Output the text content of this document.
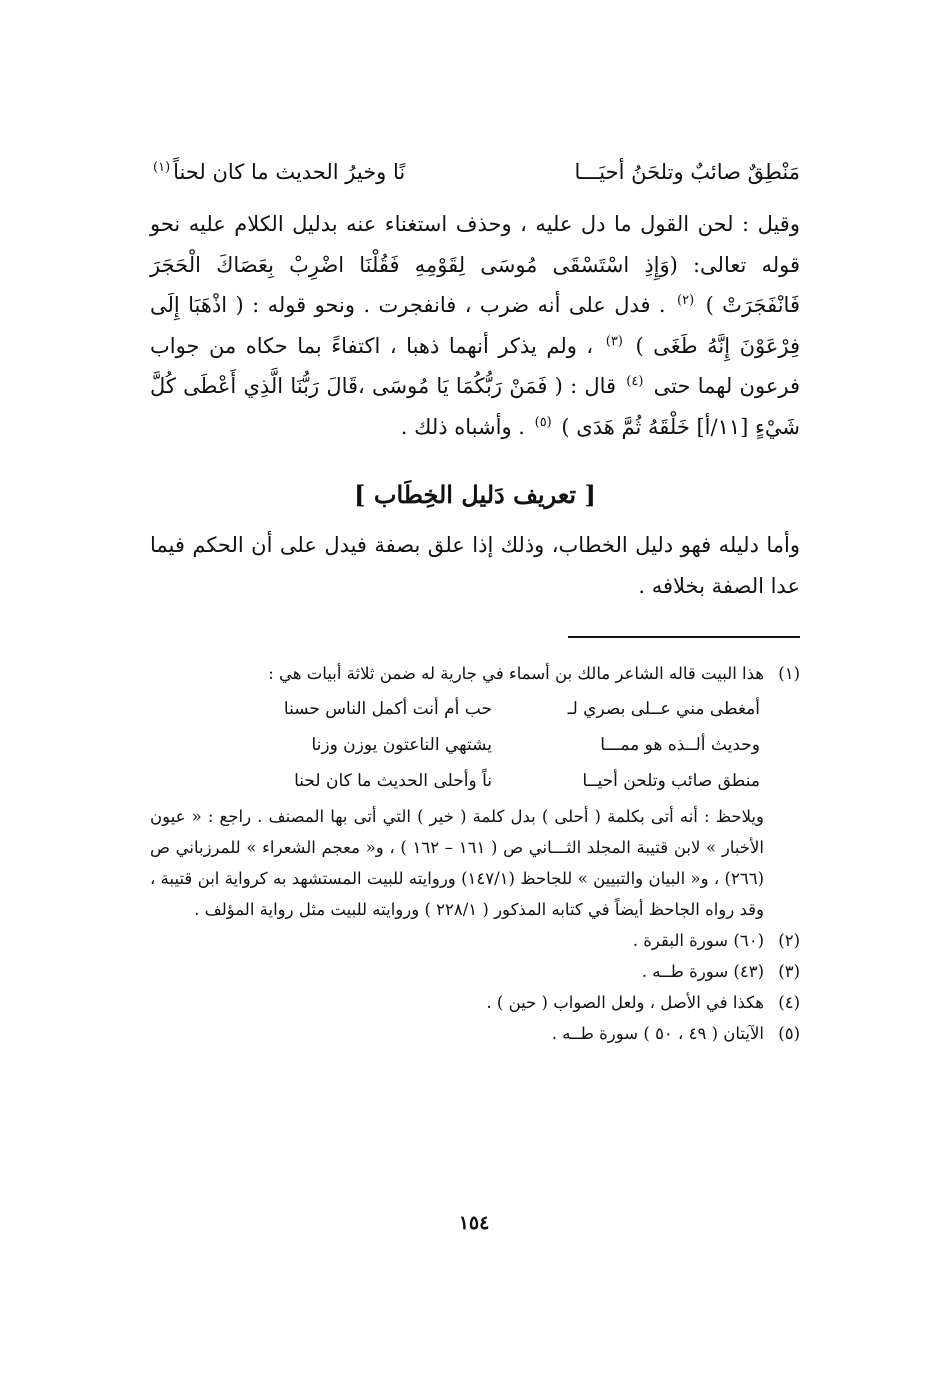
مَنْطِقٌ صائبٌ وتلحَنُ أحيَـــا
نًا وخيرُ الحديث ما كان لحناً$^{(١)}$

وقيل : لحن القول ما دل عليه ، وحذف استغناء عنه بدليل الكلام عليه نحو قوله تعالى: (وَإِذِ اسْتَسْقَى مُوسَى لِقَوْمِهِ فَقُلْنَا اضْرِبْ بِعَصَاكَ الْحَجَرَ فَانْفَجَرَتْ ) $^{(٢)}$ . فدل على أنه ضرب ، فانفجرت . ونحو قوله : ( اذْهَبَا إِلَى فِرْعَوْنَ إِنَّهُ طَغَى ) $^{(٣)}$ ، ولم يذكر أنهما ذهبا ، اكتفاءً بما حكاه من جواب فرعون لهما حتى $^{(٤)}$ قال : ( فَمَنْ رَبُّكُمَا يَا مُوسَى ،قَالَ رَبُّنَا الَّذِي أَعْطَى كُلَّ شَيْءٍ [١١/أ] خَلْقَهُ ثُمَّ هَدَى ) $^{(٥)}$ . وأشباه ذلك .

[ تعريف دَليل الخِطَاب ]

وأما دليله فهو دليل الخطاب، وذلك إذا علق بصفة فيدل على أن الحكم فيما عدا الصفة بخلافه .

(١)
هذا البيت قاله الشاعر مالك بن أسماء في جارية له ضمن ثلاثة أبيات هي :
أمغطى مني عــلى بصري لـ
حب أم أنت أكمل الناس حسنا
وحديث ألــذه هو ممـــا
يشتهي الناعتون يوزن وزنا
منطق صائب وتلحن أحيــا
ناً وأحلى الحديث ما كان لحنا
ويلاحظ : أنه أتى بكلمة ( أحلى ) بدل كلمة ( خير ) التي أتى بها المصنف . راجع : « عيون الأخبار » لابن قتيبة المجلد الثـــاني ص ( ١٦١ – ١٦٢ ) ، و« معجم الشعراء » للمرزباني ص (٢٦٦) ، و« البيان والتبيين » للجاحظ (١٤٧/١) وروايته للبيت المستشهد به كرواية ابن قتيبة ، وقد رواه الجاحظ أيضاً في كتابه المذكور ( ٢٢٨/١ ) وروايته للبيت مثل رواية المؤلف .
(٢)
(٦٠) سورة البقرة .
(٣)
(٤٣) سورة طــه .
(٤)
هكذا في الأصل ، ولعل الصواب ( حين ) .
(٥)
الآيتان ( ٤٩ ، ٥٠ ) سورة طــه .
١٥٤
